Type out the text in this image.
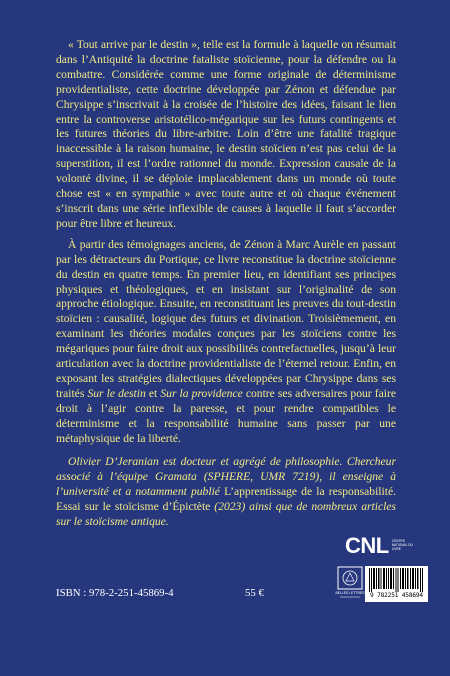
« Tout arrive par le destin », telle est la formule à laquelle on résumait dans l’Antiquité la doctrine fataliste stoïcienne, pour la défendre ou la combattre. Considérée comme une forme originale de déterminisme providentialiste, cette doctrine développée par Zénon et défendue par Chrysippe s’inscrivait à la croisée de l’histoire des idées, faisant le lien entre la controverse aristotélico-mégarique sur les futurs contingents et les futures théories du libre-arbitre. Loin d’être une fatalité tragique inaccessible à la raison humaine, le destin stoïcien n’est pas celui de la superstition, il est l’ordre rationnel du monde. Expression causale de la volonté divine, il se déploie implacablement dans un monde où toute chose est « en sympathie » avec toute autre et où chaque événement s’inscrit dans une série inflexible de causes à laquelle il faut s’accorder pour être libre et heureux.

À partir des témoignages anciens, de Zénon à Marc Aurèle en passant par les détracteurs du Portique, ce livre reconstitue la doctrine stoïcienne du destin en quatre temps. En premier lieu, en identifiant ses principes physiques et théologiques, et en insistant sur l’originalité de son approche étiologique. Ensuite, en reconstituant les preuves du tout-destin stoïcien : causalité, logique des futurs et divination. Troisièmement, en examinant les théories modales conçues par les stoïciens contre les mégariques pour faire droit aux possibilités contrefactuelles, jusqu’à leur articulation avec la doctrine providentialiste de l’éternel retour. Enfin, en exposant les stratégies dialectiques développées par Chrysippe dans ses traités Sur le destin et Sur la providence contre ses adversaires pour faire droit à l’agir contre la paresse, et pour rendre compatibles le déterminisme et la responsabilité humaine sans passer par une métaphysique de la liberté.

Olivier D’Jeranian est docteur et agrégé de philosophie. Chercheur associé à l’équipe Gramata (SPHERE, UMR 7219), il enseigne à l’université et a notamment publié L’apprentissage de la responsabilité. Essai sur le stoïcisme d’Épictète (2023) ainsi que de nombreux articles sur le stoïcisme antique.

CNL CENTRE NATIONAL DU LIVRE
BELLES LETTRES 9 782251 458694
ISBN : 978-2-251-45869-4	55 €
